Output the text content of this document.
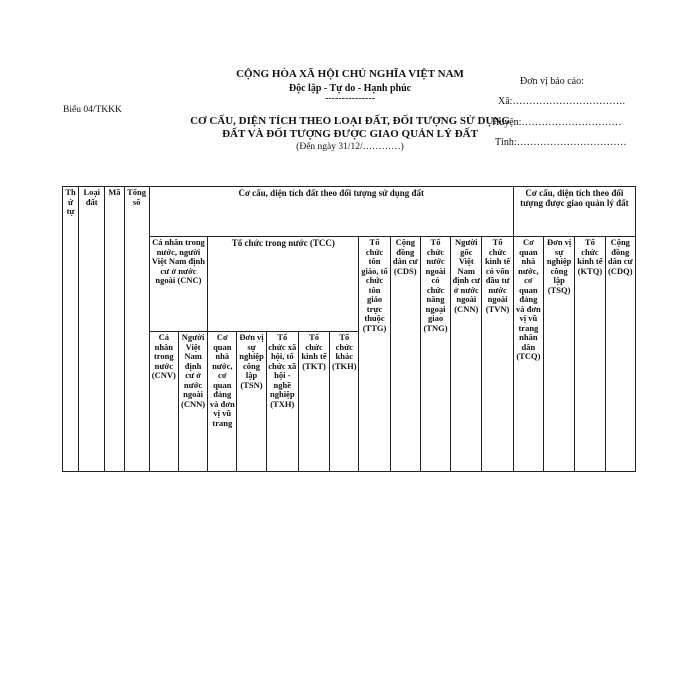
CỘNG HÒA XÃ HỘI CHỦ NGHĨA VIỆT NAM
Độc lập - Tự do - Hạnh phúc
---------------
Biểu 04/TKKK
CƠ CẤU, DIỆN TÍCH THEO LOẠI ĐẤT, ĐỐI TƯỢNG SỬ DỤNG
ĐẤT VÀ ĐỐI TƯỢNG ĐƯỢC GIAO QUẢN LÝ ĐẤT
(Đến ngày 31/12/…………)
Đơn vị báo cáo:
Xã:…………………………….
Huyện:…………………………
Tỉnh:……………………………
Th ứ tự	Loại đất	Mã	Tổng số	Cơ cấu, diện tích đất theo đối tượng sử dụng đất												Cơ cấu, diện tích theo đối tượng được giao quản lý đất			
				Cá nhân trong nước, người Việt Nam định cư ở nước ngoài (CNC)		Tổ chức trong nước (TCC)					Tổ chức tôn giáo, tổ chức tôn giáo trực thuộc (TTG)	Cộng đồng dân cư (CDS)	Tổ chức nước ngoài có chức năng ngoại giao (TNG)	Người gốc Việt Nam định cư ở nước ngoài (CNN)	Tổ chức kinh tế có vốn đầu tư nước ngoài (TVN)	Cơ quan nhà nước, cơ quan đảng và đơn vị vũ trang nhân dân (TCQ)	Đơn vị sự nghiệp công lập (TSQ)	Tổ chức kinh tế (KTQ)	Cộng đồng dân cư (CDQ)
				Cá nhân trong nước (CNV)	Người Việt Nam định cư ở nước ngoài (CNN)	Cơ quan nhà nước, cơ quan đảng và đơn vị vũ trang	Đơn vị sự nghiệp công lập (TSN)	Tổ chức xã hội, tổ chức xã hội - nghề nghiệp (TXH)	Tổ chức kinh tế (TKT)	Tổ chức khác (TKH)									
